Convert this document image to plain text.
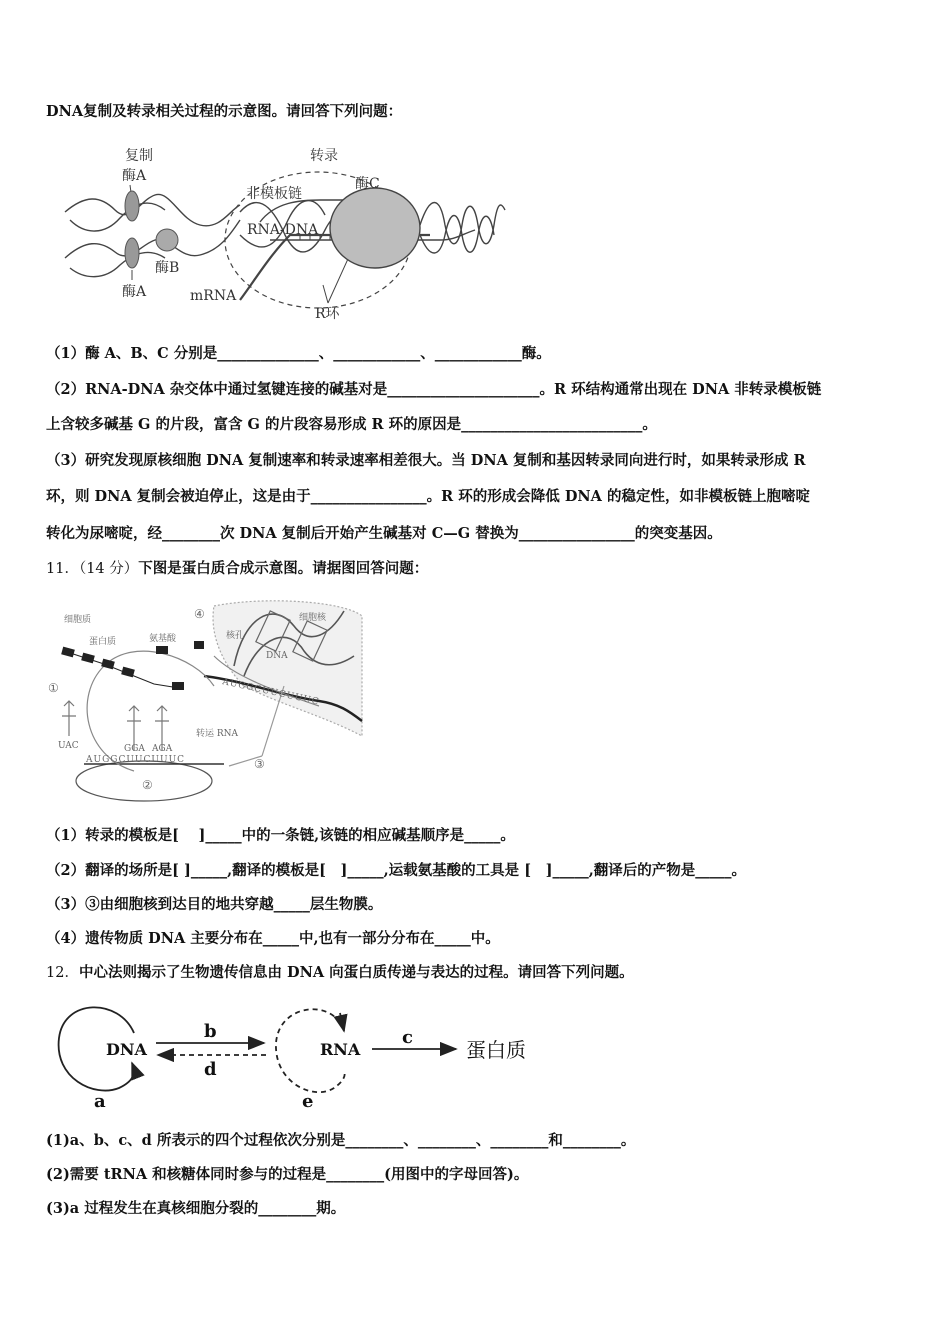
DNA复制及转录相关过程的示意图。请回答下列问题：
复制	转录
酶A	酶C
非模板链
RNA-DNA
酶B
mRNA
酶A
R环
（1）酶 A、B、C 分别是______________、____________、____________酶。
（2）RNA-DNA 杂交体中通过氢键连接的碱基对是_____________________。R 环结构通常出现在 DNA 非转录模板链
上含较多碱基 G 的片段，富含 G 的片段容易形成 R 环的原因是_________________________。
（3）研究发现原核细胞 DNA 复制速率和转录速率相差很大。当 DNA 复制和基因转录同向进行时，如果转录形成 R
环，则 DNA 复制会被迫停止，这是由于________________。R 环的形成会降低 DNA 的稳定性，如非模板链上胞嘧啶
转化为尿嘧啶，经________次 DNA 复制后开始产生碱基对 C—G 替换为________________的突变基因。
11．（14 分）下图是蛋白质合成示意图。请据图回答问题：
细胞质
蛋白质	氨基酸
细胞核
核孔
DNA
转运 RNA
UAC	GGA AGA
AUGGCUUCUUUC
AUGGCUUCUUUC
①
②
③
④
（1）转录的模板是[　 ]_____中的一条链,该链的相应碱基顺序是_____。
（2）翻译的场所是[ ]_____,翻译的模板是[　]_____,运载氨基酸的工具是 [　]_____,翻译后的产物是_____。
（3）③由细胞核到达目的地共穿越_____层生物膜。
（4）遗传物质 DNA 主要分布在_____中,也有一部分分布在_____中。
12．中心法则揭示了生物遗传信息由 DNA 向蛋白质传递与表达的过程。请回答下列问题。
DNA	RNA	蛋白质
a
b	c
d
e
(1)a、b、c、d 所表示的四个过程依次分别是________、________、________和________。
(2)需要 tRNA 和核糖体同时参与的过程是________(用图中的字母回答)。
(3)a 过程发生在真核细胞分裂的________期。
